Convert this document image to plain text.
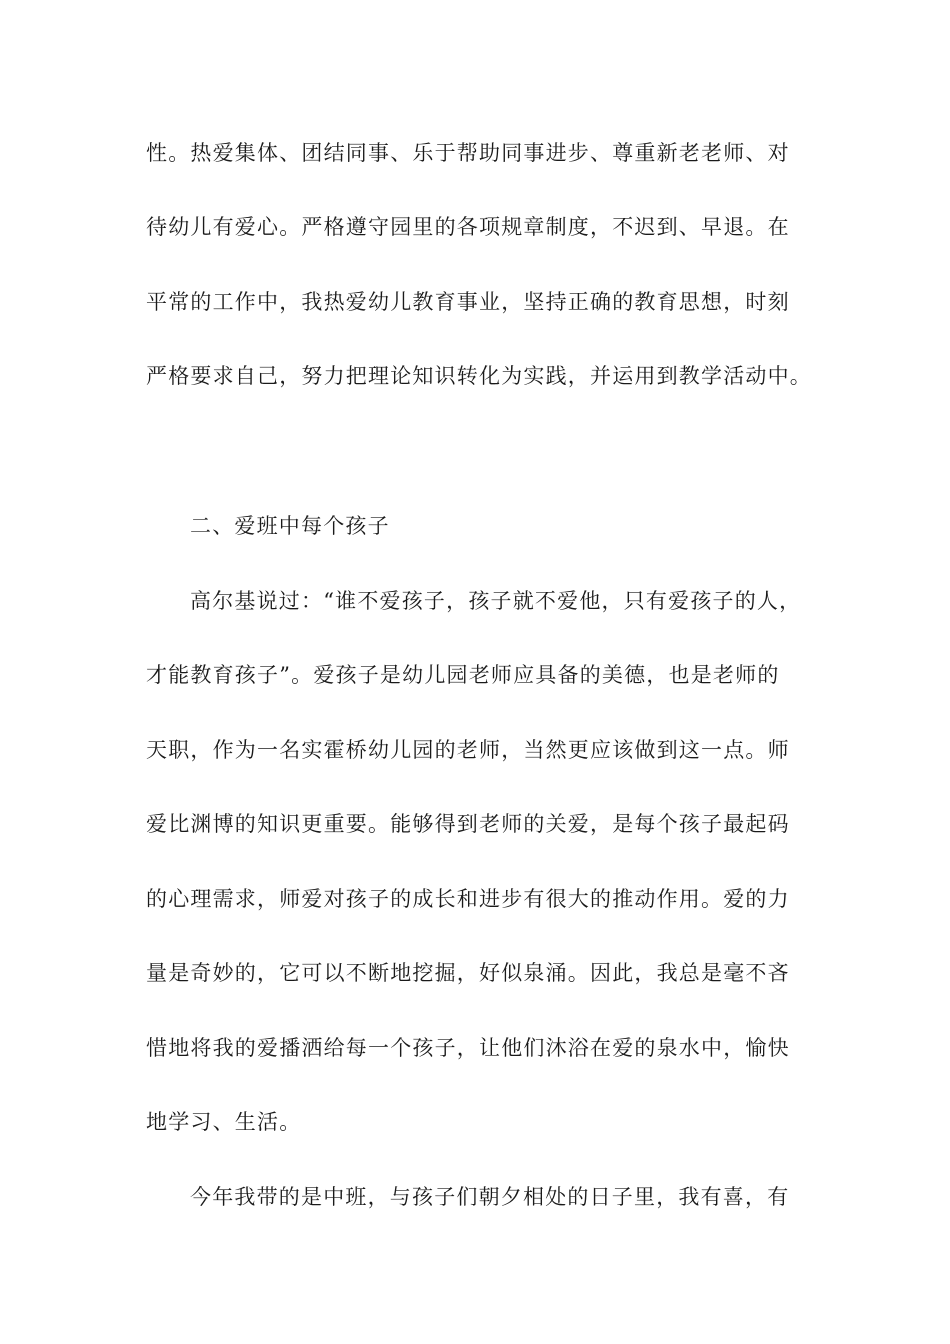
性。热爱集体、团结同事、乐于帮助同事进步、尊重新老老师、对
待幼儿有爱心。严格遵守园里的各项规章制度，不迟到、早退。在
平常的工作中，我热爱幼儿教育事业，坚持正确的教育思想，时刻
严格要求自己，努力把理论知识转化为实践，并运用到教学活动中。
二、爱班中每个孩子
高尔基说过：“谁不爱孩子，孩子就不爱他，只有爱孩子的人，
才能教育孩子”。爱孩子是幼儿园老师应具备的美德，也是老师的
天职，作为一名实霍桥幼儿园的老师，当然更应该做到这一点。师
爱比渊博的知识更重要。能够得到老师的关爱，是每个孩子最起码
的心理需求，师爱对孩子的成长和进步有很大的推动作用。爱的力
量是奇妙的，它可以不断地挖掘，好似泉涌。因此，我总是毫不吝
惜地将我的爱播洒给每一个孩子，让他们沐浴在爱的泉水中，愉快
地学习、生活。
今年我带的是中班，与孩子们朝夕相处的日子里，我有喜，有
